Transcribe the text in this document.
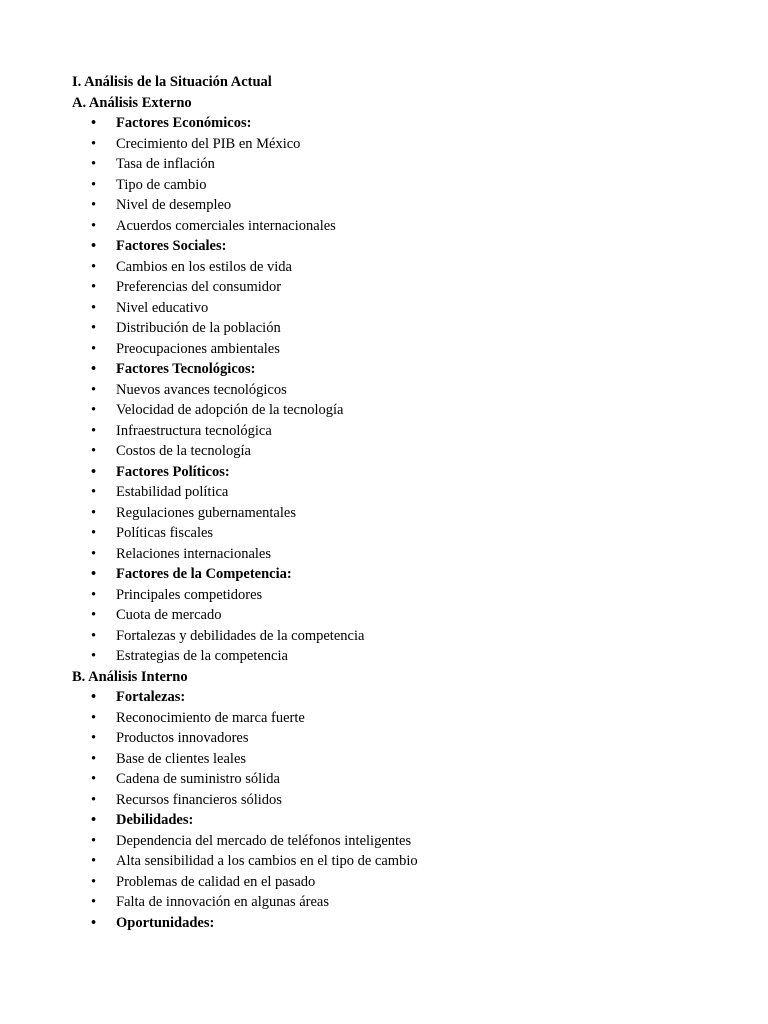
I. Análisis de la Situación Actual
A. Análisis Externo
•	Factores Económicos:
•	Crecimiento del PIB en México
•	Tasa de inflación
•	Tipo de cambio
•	Nivel de desempleo
•	Acuerdos comerciales internacionales
•	Factores Sociales:
•	Cambios en los estilos de vida
•	Preferencias del consumidor
•	Nivel educativo
•	Distribución de la población
•	Preocupaciones ambientales
•	Factores Tecnológicos:
•	Nuevos avances tecnológicos
•	Velocidad de adopción de la tecnología
•	Infraestructura tecnológica
•	Costos de la tecnología
•	Factores Políticos:
•	Estabilidad política
•	Regulaciones gubernamentales
•	Políticas fiscales
•	Relaciones internacionales
•	Factores de la Competencia:
•	Principales competidores
•	Cuota de mercado
•	Fortalezas y debilidades de la competencia
•	Estrategias de la competencia
B. Análisis Interno
•	Fortalezas:
•	Reconocimiento de marca fuerte
•	Productos innovadores
•	Base de clientes leales
•	Cadena de suministro sólida
•	Recursos financieros sólidos
•	Debilidades:
•	Dependencia del mercado de teléfonos inteligentes
•	Alta sensibilidad a los cambios en el tipo de cambio
•	Problemas de calidad en el pasado
•	Falta de innovación en algunas áreas
•	Oportunidades:
